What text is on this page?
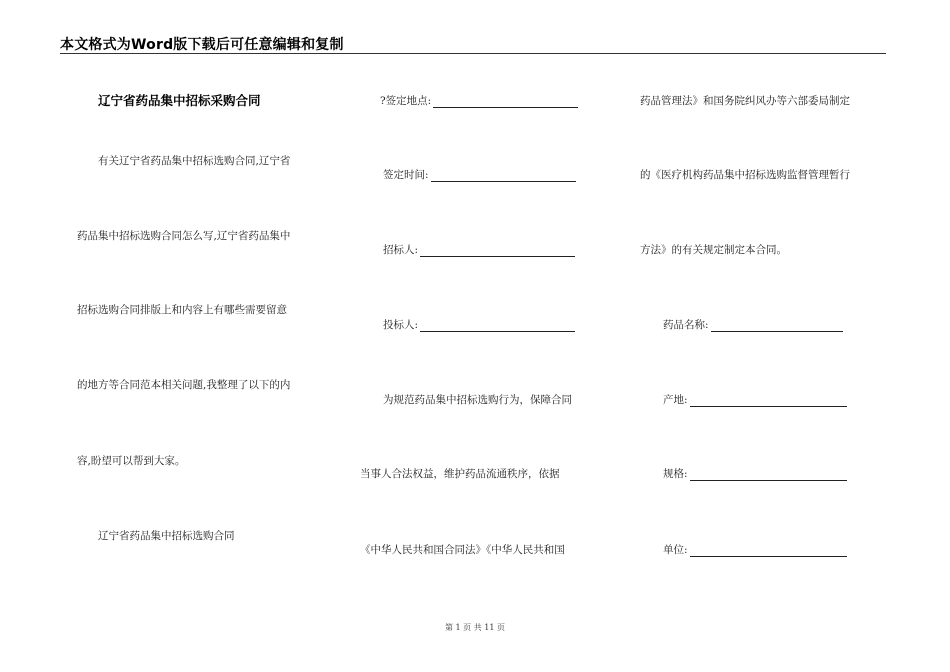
本文格式为Word版下载后可任意编辑和复制
辽宁省药品集中招标采购合同
有关辽宁省药品集中招标选购合同,辽宁省
药品集中招标选购合同怎么写,辽宁省药品集中
招标选购合同排版上和内容上有哪些需要留意
的地方等合同范本相关问题,我整理了以下的内
容,盼望可以帮到大家。
辽宁省药品集中招标选购合同
?签定地点:
签定时间:
招标人:
投标人:
为规范药品集中招标选购行为，保障合同
当事人合法权益，维护药品流通秩序，依据
《中华人民共和国合同法》《中华人民共和国
药品管理法》和国务院纠风办等六部委局制定
的《医疗机构药品集中招标选购监督管理暂行
方法》的有关规定制定本合同。
药品名称:
产地:
规格:
单位:
第 1 页 共 11 页
